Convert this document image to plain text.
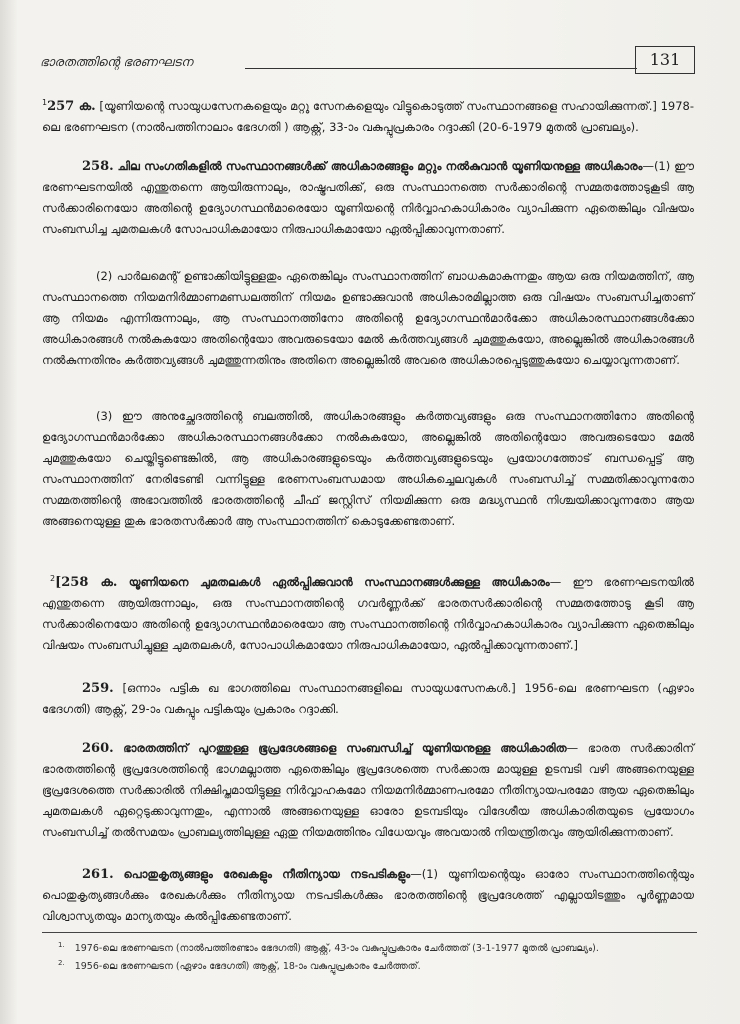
ഭാരതത്തിന്റെ ഭരണഘടന	131

$^1$257 ക. [യൂണിയന്റെ സായുധസേനകളെയും മറ്റു സേനകളെയും വിട്ടുകൊടുത്ത് സംസ്ഥാനങ്ങളെ സഹായിക്കുന്നത്.] 1978-ലെ ഭരണഘടന (നാൽപത്തിനാലാം ഭേദഗതി ) ആക്റ്റ്, 33-ാം വകുപ്പുപ്രകാരം റദ്ദാക്കി (20-6-1979 മുതൽ പ്രാബല്യം).

258. ചില സംഗതികളിൽ സംസ്ഥാനങ്ങൾക്ക് അധികാരങ്ങളും മറ്റും നൽകുവാൻ യൂണിയനുള്ള അധികാരം—(1) ഈ ഭരണഘടനയിൽ എന്തുതന്നെ ആയിരുന്നാലും, രാഷ്ട്രപതിക്ക്, ഒരു സംസ്ഥാനത്തെ സർക്കാരിന്റെ സമ്മതത്തോടുകൂടി ആ സർക്കാരിനെയോ അതിന്റെ ഉദ്യോഗസ്ഥൻമാരെയോ യൂണിയന്റെ നിർവ്വാഹകാധികാരം വ്യാപിക്കുന്ന ഏതെങ്കിലും വിഷയം സംബന്ധിച്ച ചുമതലകൾ സോപാധികമായോ നിരുപാധികമായോ ഏൽപ്പിക്കാവുന്നതാണ്.

(2) പാർലമെന്റ് ഉണ്ടാക്കിയിട്ടുള്ളതും ഏതെങ്കിലും സംസ്ഥാനത്തിന് ബാധകമാകുന്നതും ആയ ഒരു നിയമത്തിന്, ആ സംസ്ഥാനത്തെ നിയമനിർമ്മാണമണ്ഡലത്തിന് നിയമം ഉണ്ടാക്കുവാൻ അധികാരമില്ലാത്ത ഒരു വിഷയം സംബന്ധിച്ചതാണ് ആ നിയമം എന്നിരുന്നാലും, ആ സംസ്ഥാനത്തിനോ അതിന്റെ ഉദ്യോഗസ്ഥൻമാർക്കോ അധികാരസ്ഥാനങ്ങൾക്കോ അധികാരങ്ങൾ നൽകുകയോ അതിന്റെയോ അവരുടെയോ മേൽ കർത്തവ്യങ്ങൾ ചുമത്തുകയോ, അല്ലെങ്കിൽ അധികാരങ്ങൾ നൽകുന്നതിനും കർത്തവ്യങ്ങൾ ചുമത്തുന്നതിനും അതിനെ അല്ലെങ്കിൽ അവരെ അധികാരപ്പെടുത്തുകയോ ചെയ്യാവുന്നതാണ്.

(3) ഈ അനുച്ഛേദത്തിന്റെ ബലത്തിൽ, അധികാരങ്ങളും കർത്തവ്യങ്ങളും ഒരു സംസ്ഥാനത്തിനോ അതിന്റെ ഉദ്യോഗസ്ഥൻമാർക്കോ അധികാരസ്ഥാനങ്ങൾക്കോ നൽകുകയോ, അല്ലെങ്കിൽ അതിന്റെയോ അവരുടെയോ മേൽ ചുമത്തുകയോ ചെയ്തിട്ടുണ്ടെങ്കിൽ, ആ അധികാരങ്ങളുടെയും കർത്തവ്യങ്ങളുടെയും പ്രയോഗത്തോട് ബന്ധപ്പെട്ട് ആ സംസ്ഥാനത്തിന് നേരിടേണ്ടി വന്നിട്ടുള്ള ഭരണസംബന്ധമായ അധികച്ചെലവുകൾ സംബന്ധിച്ച് സമ്മതിക്കാവുന്നതോ സമ്മതത്തിന്റെ അഭാവത്തിൽ ഭാരതത്തിന്റെ ചീഫ് ജസ്റ്റിസ് നിയമിക്കുന്ന ഒരു മദ്ധ്യസ്ഥൻ നിശ്ചയിക്കാവുന്നതോ ആയ അങ്ങനെയുള്ള തുക ഭാരതസർക്കാർ ആ സംസ്ഥാനത്തിന് കൊടുക്കേണ്ടതാണ്.

$^2$[258 ക. യൂണിയനെ ചുമതലകൾ ഏൽപ്പിക്കുവാൻ സംസ്ഥാനങ്ങൾക്കുള്ള അധികാരം— ഈ ഭരണഘടനയിൽ എന്തുതന്നെ ആയിരുന്നാലും, ഒരു സംസ്ഥാനത്തിന്റെ ഗവർണ്ണർക്ക് ഭാരതസർക്കാരിന്റെ സമ്മതത്തോടു കൂടി ആ സർക്കാരിനെയോ അതിന്റെ ഉദ്യോഗസ്ഥൻമാരെയോ ആ സംസ്ഥാനത്തിന്റെ നിർവ്വാഹകാധികാരം വ്യാപിക്കുന്ന ഏതെങ്കിലും വിഷയം സംബന്ധിച്ചുള്ള ചുമതലകൾ, സോപാധികമായോ നിരുപാധികമായോ, ഏൽപ്പിക്കാവുന്നതാണ്.]

259. [ഒന്നാം പട്ടിക ഖ ഭാഗത്തിലെ സംസ്ഥാനങ്ങളിലെ സായുധസേനകൾ.] 1956-ലെ ഭരണഘടന (ഏഴാം ഭേദഗതി) ആക്റ്റ്, 29-ാം വകുപ്പും പട്ടികയും പ്രകാരം റദ്ദാക്കി.

260. ഭാരതത്തിന് പുറത്തുള്ള ഭൂപ്രദേശങ്ങളെ സംബന്ധിച്ച് യൂണിയനുള്ള അധികാരിത— ഭാരത സർക്കാരിന് ഭാരതത്തിന്റെ ഭൂപ്രദേശത്തിന്റെ ഭാഗമല്ലാത്ത ഏതെങ്കിലും ഭൂപ്രദേശത്തെ സർക്കാരു മായുള്ള ഉടമ്പടി വഴി അങ്ങനെയുള്ള ഭൂപ്രദേശത്തെ സർക്കാരിൽ നിക്ഷിപ്തമായിട്ടുള്ള നിർവ്വാഹകമോ നിയമനിർമ്മാണപരമോ നീതിന്യായപരമോ ആയ ഏതെങ്കിലും ചുമതലകൾ ഏറ്റെടുക്കാവുന്നതും, എന്നാൽ അങ്ങനെയുള്ള ഓരോ ഉടമ്പടിയും വിദേശീയ അധികാരിതയുടെ പ്രയോഗം സംബന്ധിച്ച് തൽസമയം പ്രാബല്യത്തിലുള്ള ഏതു നിയമത്തിനും വിധേയവും അവയാൽ നിയന്ത്രിതവും ആയിരിക്കുന്നതാണ്.

261. പൊതുകൃത്യങ്ങളും രേഖകളും നീതിന്യായ നടപടികളും—(1) യൂണിയന്റെയും ഓരോ സംസ്ഥാനത്തിന്റെയും പൊതുകൃത്യങ്ങൾക്കും രേഖകൾക്കും നീതിന്യായ നടപടികൾക്കും ഭാരതത്തിന്റെ ഭൂപ്രദേശത്ത് എല്ലായിടത്തും പൂർണ്ണമായ വിശ്വാസ്യതയും മാന്യതയും കൽപ്പിക്കേണ്ടതാണ്.

$^{1.}$ 1976-ലെ ഭരണഘടന (നാൽപത്തിരണ്ടാം ഭേദഗതി) ആക്റ്റ്, 43-ാം വകുപ്പുപ്രകാരം ചേർത്തത് (3-1-1977 മുതൽ പ്രാബല്യം).
$^{2.}$ 1956-ലെ ഭരണഘടന (ഏഴാം ഭേദഗതി) ആക്റ്റ്, 18-ാം വകുപ്പുപ്രകാരം ചേർത്തത്.
